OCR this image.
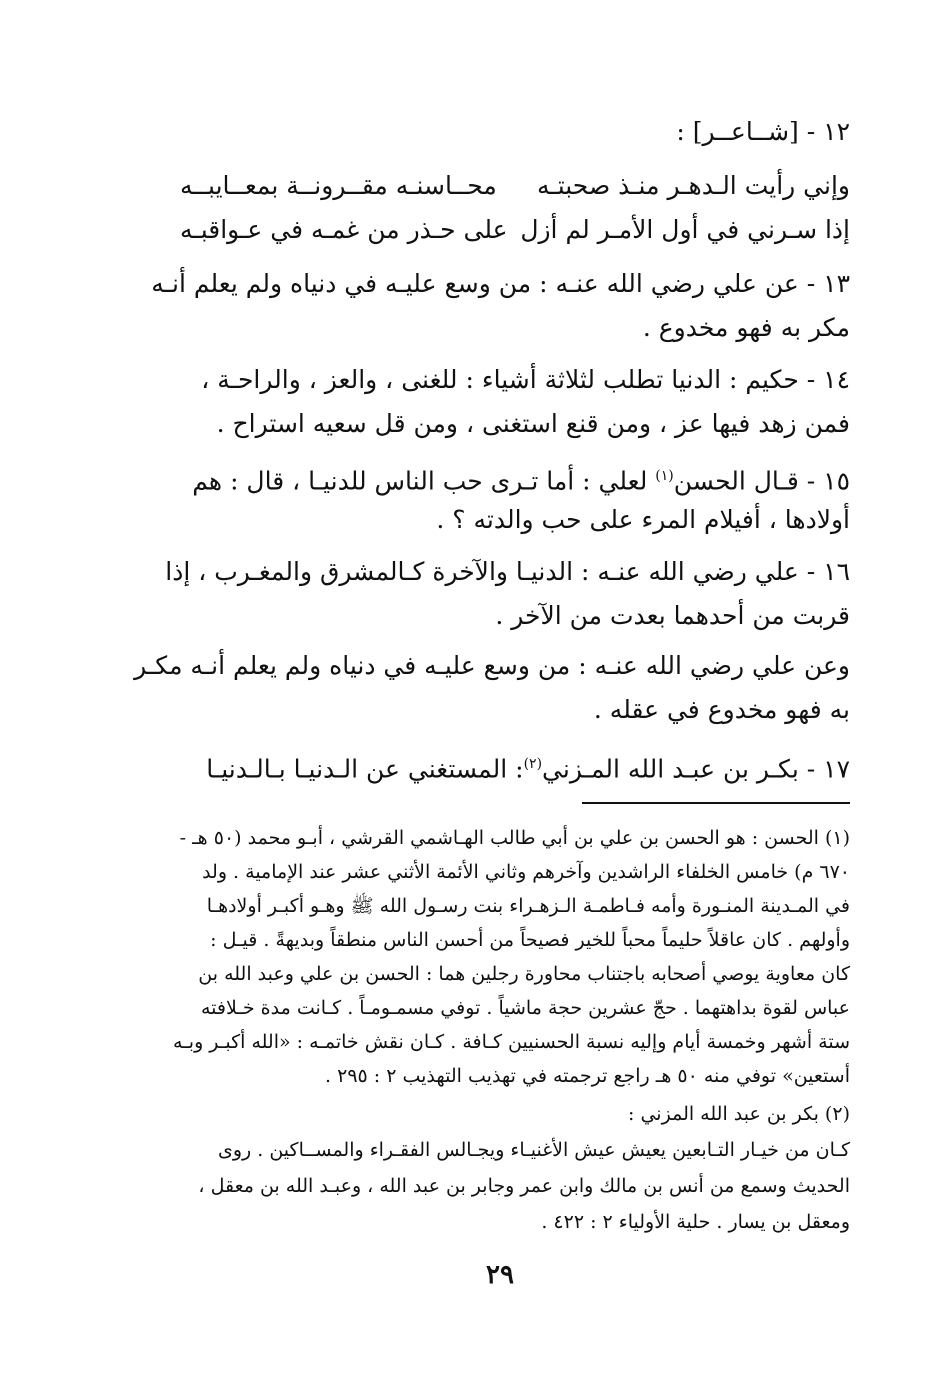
١٢ - [شــاعــر] :
وإني رأيت الـدهـر منـذ صحبتـه
محــاسنـه مقــرونــة بمعــايبــه
إذا سـرني في أول الأمـر لم أزل
على حـذر من غمـه في عـواقبـه
١٣ - عن علي رضي الله عنـه : من وسع عليـه في دنياه ولم يعلم أنـه
مكر به فهو مخدوع .
١٤ - حكيم : الدنيا تطلب لثلاثة أشياء : للغنى ، والعز ، والراحـة ،
فمن زهد فيها عز ، ومن قنع استغنى ، ومن قل سعيه استراح .
١٥ - قـال الحسن$^{(١)}$ لعلي : أما تـرى حب الناس للدنيـا ، قال : هم
أولادها ، أفيلام المرء على حب والدته ؟ .
١٦ - علي رضي الله عنـه : الدنيـا والآخرة كـالمشرق والمغـرب ، إذا
قربت من أحدهما بعدت من الآخر .
وعن علي رضي الله عنـه : من وسع عليـه في دنياه ولم يعلم أنـه مكـر
به فهو مخدوع في عقله .
١٧ - بكـر بن عبـد الله المـزني$^{(٢)}$: المستغني عن الـدنيـا بـالـدنيـا
(١) الحسن : هو الحسن بن علي بن أبي طالب الهـاشمي القرشي ، أبـو محمد (٥٠ هـ -
٦٧٠ م) خامس الخلفاء الراشدين وآخرهم وثاني الأئمة الأثني عشر عند الإمامية . ولد
في المـدينة المنـورة وأمه فـاطمـة الـزهـراء بنت رسـول الله ﷺ وهـو أكبـر أولادهـا
وأولهم . كان عاقلاً حليماً محباً للخير فصيحاً من أحسن الناس منطقاً وبديهةً . قيـل :
كان معاوية يوصي أصحابه باجتناب محاورة رجلين هما : الحسن بن علي وعبد الله بن
عباس لقوة بداهتهما . حجّ عشرين حجة ماشياً . توفي مسمـومـاً . كـانت مدة خـلافته
ستة أشهر وخمسة أيام وإليه نسبة الحسنيين كـافة . كـان نقش خاتمـه : «الله أكبـر وبـه
أستعين» توفي منه ٥٠ هـ راجع ترجمته في تهذيب التهذيب ٢ : ٢٩٥ .
(٢) بكر بن عبد الله المزني :
كـان من خيـار التـابعين يعيش عيش الأغنيـاء ويجـالس الفقـراء والمســاكين . روى
الحديث وسمع من أنس بن مالك وابن عمر وجابر بن عبد الله ، وعبـد الله بن معقل ،
ومعقل بن يسار . حلية الأولياء ٢ : ٤٢٢ .
٢٩
